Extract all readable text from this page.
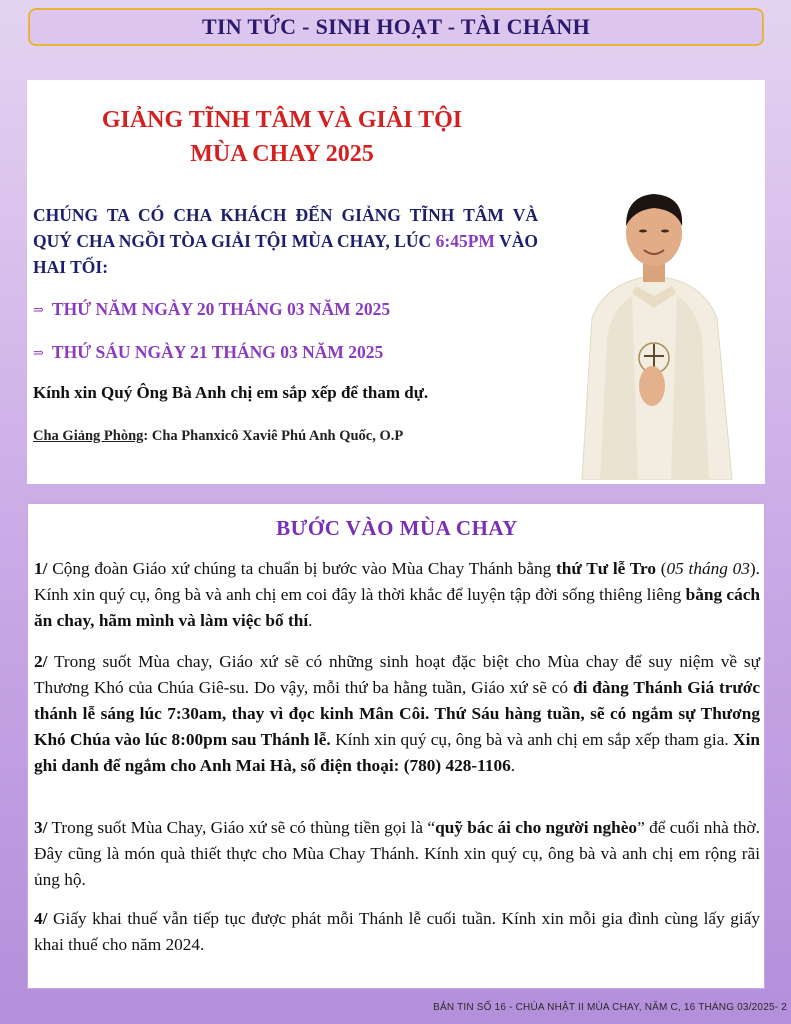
TIN TỨC - SINH HOẠT - TÀI CHÁNH
GIẢNG TĨNH TÂM VÀ GIẢI TỘI
MÙA CHAY 2025
CHÚNG TA CÓ CHA KHÁCH ĐẾN GIẢNG TĨNH TÂM VÀ QUÝ CHA NGỒI TÒA GIẢI TỘI MÙA CHAY, LÚC 6:45PM VÀO HAI TỐI:
⇒ THỨ NĂM NGÀY 20 THÁNG 03 NĂM 2025
⇒ THỨ SÁU NGÀY 21 THÁNG 03 NĂM 2025
Kính xin Quý Ông Bà Anh chị em sắp xếp để tham dự.
Cha Giảng Phòng: Cha Phanxicô Xaviê Phú Anh Quốc, O.P
BƯỚC VÀO MÙA CHAY
1/ Cộng đoàn Giáo xứ chúng ta chuẩn bị bước vào Mùa Chay Thánh bằng thứ Tư lễ Tro (05 tháng 03). Kính xin quý cụ, ông bà và anh chị em coi đây là thời khắc để luyện tập đời sống thiêng liêng bằng cách ăn chay, hãm mình và làm việc bố thí.
2/ Trong suốt Mùa chay, Giáo xứ sẽ có những sinh hoạt đặc biệt cho Mùa chay để suy niệm về sự Thương Khó của Chúa Giê-su. Do vậy, mỗi thứ ba hằng tuần, Giáo xứ sẽ có đi đàng Thánh Giá trước thánh lễ sáng lúc 7:30am, thay vì đọc kinh Mân Côi. Thứ Sáu hàng tuần, sẽ có ngắm sự Thương Khó Chúa vào lúc 8:00pm sau Thánh lễ. Kính xin quý cụ, ông bà và anh chị em sắp xếp tham gia. Xin ghi danh để ngắm cho Anh Mai Hà, số điện thoại: (780) 428-1106.
3/ Trong suốt Mùa Chay, Giáo xứ sẽ có thùng tiền gọi là “quỹ bác ái cho người nghèo” để cuối nhà thờ. Đây cũng là món quà thiết thực cho Mùa Chay Thánh. Kính xin quý cụ, ông bà và anh chị em rộng rãi ủng hộ.
4/ Giấy khai thuế vẫn tiếp tục được phát mỗi Thánh lễ cuối tuần. Kính xin mỗi gia đình cùng lấy giấy khai thuế cho năm 2024.
BẢN TIN SỐ 16 - CHÚA NHẬT II MÙA CHAY, NĂM C, 16 THÁNG 03/2025- 2
